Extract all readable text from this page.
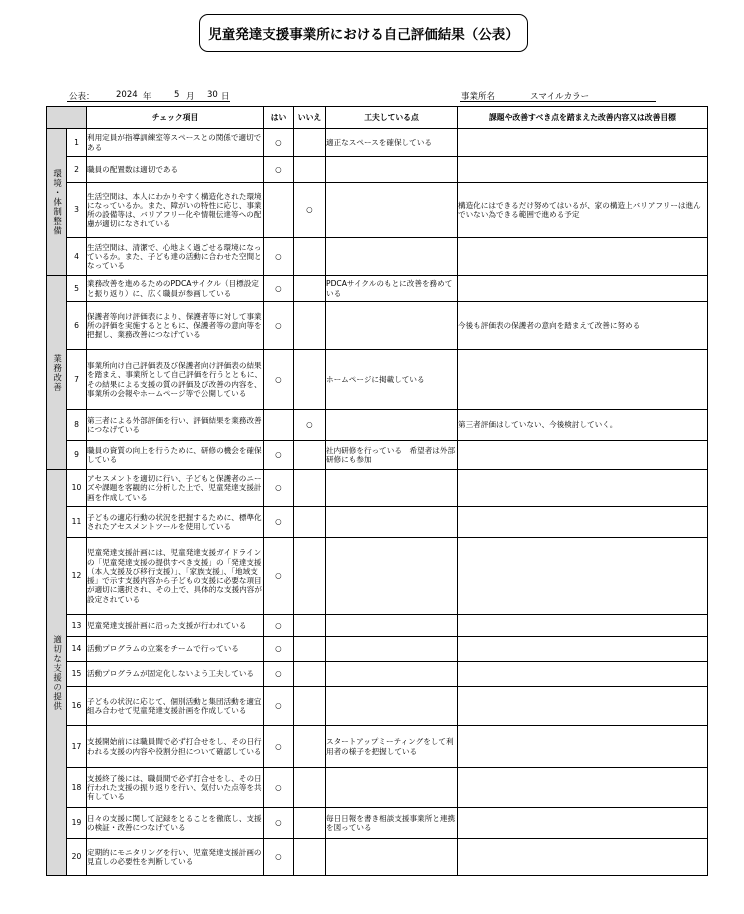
児童発達支援事業所における自己評価結果（公表）
公表：	2024 年	5 月 30 日	事業所名	スマイルカラー
		チェック項目	はい	いいえ	工夫している点	課題や改善すべき点を踏まえた改善内容又は改善目標

環境・体制整備	1	利用定員が指導訓練室等スペースとの関係で適切である	○		適正なスペースを確保している	
	2	職員の配置数は適切である	○			
	3	生活空間は、本人にわかりやすく構造化された環境になっているか。また、障がいの特性に応じ、事業所の設備等は、バリアフリー化や情報伝達等への配慮が適切になされている		○		構造化にはできるだけ努めてはいるが、家の構造上バリアフリーは進んでいない為できる範囲で進める予定
	4	生活空間は、清潔で、心地よく過ごせる環境になっているか。また、子ども達の活動に合わせた空間となっている	○			

業務改善	5	業務改善を進めるためのPDCAサイクル（目標設定と振り返り）に、広く職員が参画している	○		PDCAサイクルのもとに改善を務めている	
	6	保護者等向け評価表により、保護者等に対して事業所の評価を実施するとともに、保護者等の意向等を把握し、業務改善につなげている	○			今後も評価表の保護者の意向を踏まえて改善に努める
	7	事業所向け自己評価表及び保護者向け評価表の結果を踏まえ、事業所として自己評価を行うとともに、その結果による支援の質の評価及び改善の内容を、事業所の会報やホームページ等で公開している	○		ホームページに掲載している	
	8	第三者による外部評価を行い、評価結果を業務改善につなげている		○		第三者評価はしていない、今後検討していく。
	9	職員の資質の向上を行うために、研修の機会を確保している	○		社内研修を行っている　希望者は外部研修にも参加	

適切な支援の提供	10	アセスメントを適切に行い、子どもと保護者のニーズや課題を客観的に分析した上で、児童発達支援計画を作成している	○			
	11	子どもの適応行動の状況を把握するために、標準化されたアセスメントツールを使用している	○			
	12	児童発達支援計画には、児童発達支援ガイドラインの「児童発達支援の提供すべき支援」の「発達支援（本人支援及び移行支援）」、「家族支援」、「地域支援」で示す支援内容から子どもの支援に必要な項目が適切に選択され、その上で、具体的な支援内容が設定されている	○			
	13	児童発達支援計画に沿った支援が行われている	○			
	14	活動プログラムの立案をチームで行っている	○			
	15	活動プログラムが固定化しないよう工夫している	○			
	16	子どもの状況に応じて、個別活動と集団活動を適宜組み合わせて児童発達支援計画を作成している	○			
	17	支援開始前には職員間で必ず打合せをし、その日行われる支援の内容や役割分担について確認している	○		スタートアップミーティングをして利用者の様子を把握している	
	18	支援終了後には、職員間で必ず打合せをし、その日行われた支援の振り返りを行い、気付いた点等を共有している	○			
	19	日々の支援に関して記録をとることを徹底し、支援の検証・改善につなげている	○		毎日日報を書き相談支援事業所と連携を図っている	
	20	定期的にモニタリングを行い、児童発達支援計画の見直しの必要性を判断している	○			
